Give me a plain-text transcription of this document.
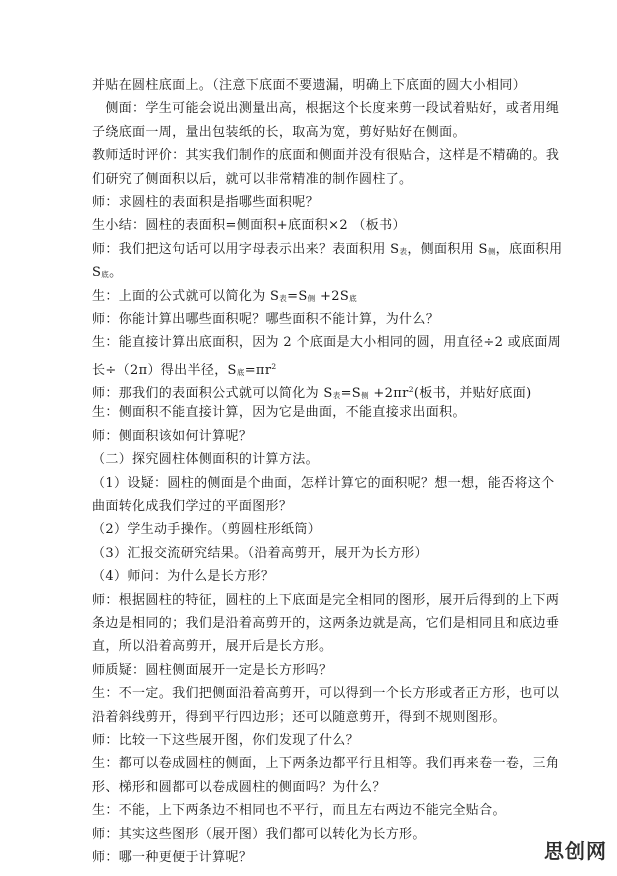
并贴在圆柱底面上。（注意下底面不要遗漏，明确上下底面的圆大小相同）
　侧面：学生可能会说出测量出高，根据这个长度来剪一段试着贴好，或者用绳
子绕底面一周，量出包装纸的长，取高为宽，剪好贴好在侧面。
教师适时评价：其实我们制作的底面和侧面并没有很贴合，这样是不精确的。我
们研究了侧面积以后，就可以非常精准的制作圆柱了。
师：求圆柱的表面积是指哪些面积呢？
生小结：圆柱的表面积=侧面积+底面积×2 （板书）
师：我们把这句话可以用字母表示出来？表面积用 S表，侧面积用 S侧，底面积用
S底。
生：上面的公式就可以简化为 S表=S侧 +2S底
师：你能计算出哪些面积呢？哪些面积不能计算，为什么？
生：能直接计算出底面积，因为 2 个底面是大小相同的圆，用直径÷2 或底面周
长÷（2π）得出半径，S底$=\pi r^2$
师：那我们的表面积公式就可以简化为 S表=S侧 $+2\pi r^2$(板书，并贴好底面)
生：侧面积不能直接计算，因为它是曲面，不能直接求出面积。
师：侧面积该如何计算呢？
（二）探究圆柱体侧面积的计算方法。
（1）设疑：圆柱的侧面是个曲面，怎样计算它的面积呢？想一想，能否将这个
曲面转化成我们学过的平面图形？
（2）学生动手操作。（剪圆柱形纸筒）
（3）汇报交流研究结果。（沿着高剪开，展开为长方形）
（4）师问：为什么是长方形？
师：根据圆柱的特征，圆柱的上下底面是完全相同的图形，展开后得到的上下两
条边是相同的；我们是沿着高剪开的，这两条边就是高，它们是相同且和底边垂
直，所以沿着高剪开，展开后是长方形。
师质疑：圆柱侧面展开一定是长方形吗？
生：不一定。我们把侧面沿着高剪开，可以得到一个长方形或者正方形，也可以
沿着斜线剪开，得到平行四边形；还可以随意剪开，得到不规则图形。
师：比较一下这些展开图，你们发现了什么？
生：都可以卷成圆柱的侧面，上下两条边都平行且相等。我们再来卷一卷，三角
形、梯形和圆都可以卷成圆柱的侧面吗？为什么？
生：不能，上下两条边不相同也不平行，而且左右两边不能完全贴合。
师：其实这些图形（展开图）我们都可以转化为长方形。
师：哪一种更便于计算呢？	思创网
